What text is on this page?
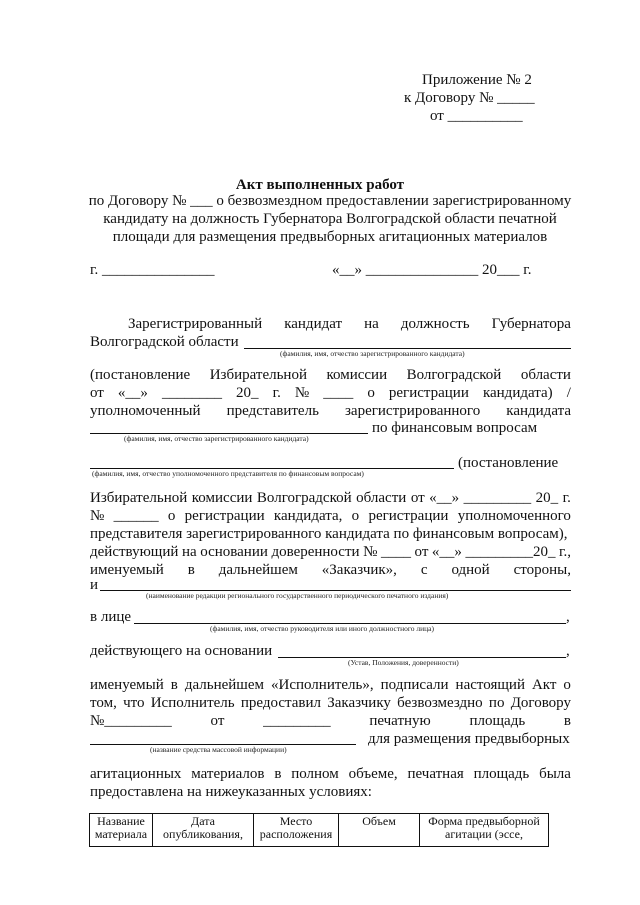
Приложение № 2
к Договору № _____
от __________
Акт выполненных работ
по Договору № ___ о безвозмездном предоставлении зарегистрированному
кандидату на должность Губернатора Волгоградской области печатной
площади для размещения предвыборных агитационных материалов
г. _______________	«__» _______________ 20___ г.
Зарегистрированный кандидат на должность Губернатора
Волгоградской области
(фамилия, имя, отчество зарегистрированного кандидата)
(постановление Избирательной комиссии Волгоградской области
от «__» ________ 20_ г. № ____ о регистрации кандидата) /
уполномоченный представитель зарегистрированного кандидата
по финансовым вопросам
(фамилия, имя, отчество зарегистрированного кандидата)
(постановление
(фамилия, имя, отчество уполномоченного представителя по финансовым вопросам)
Избирательной комиссии Волгоградской области от «__» _________ 20_ г.
№ ______ о регистрации кандидата, о регистрации уполномоченного
представителя зарегистрированного кандидата по финансовым вопросам),
действующий на основании доверенности № ____ от «__» _________20_ г.,
именуемый в дальнейшем «Заказчик», с одной стороны,
и
(наименование редакции регионального государственного периодического печатного издания)
в лице	,
(фамилия, имя, отчество руководителя или иного должностного лица)
действующего на основании	,
(Устав, Положения, доверенности)
именуемый в дальнейшем «Исполнитель», подписали настоящий Акт о
том, что Исполнитель предоставил Заказчику безвозмездно по Договору
№_________	от	_________	печатную	площадь	в
для размещения предвыборных
(название средства массовой информации)
агитационных материалов в полном объеме, печатная площадь была
предоставлена на нижеуказанных условиях:
Название материала	Дата опубликования,	Место расположения	Объем	Форма предвыборной агитации (эссе,
